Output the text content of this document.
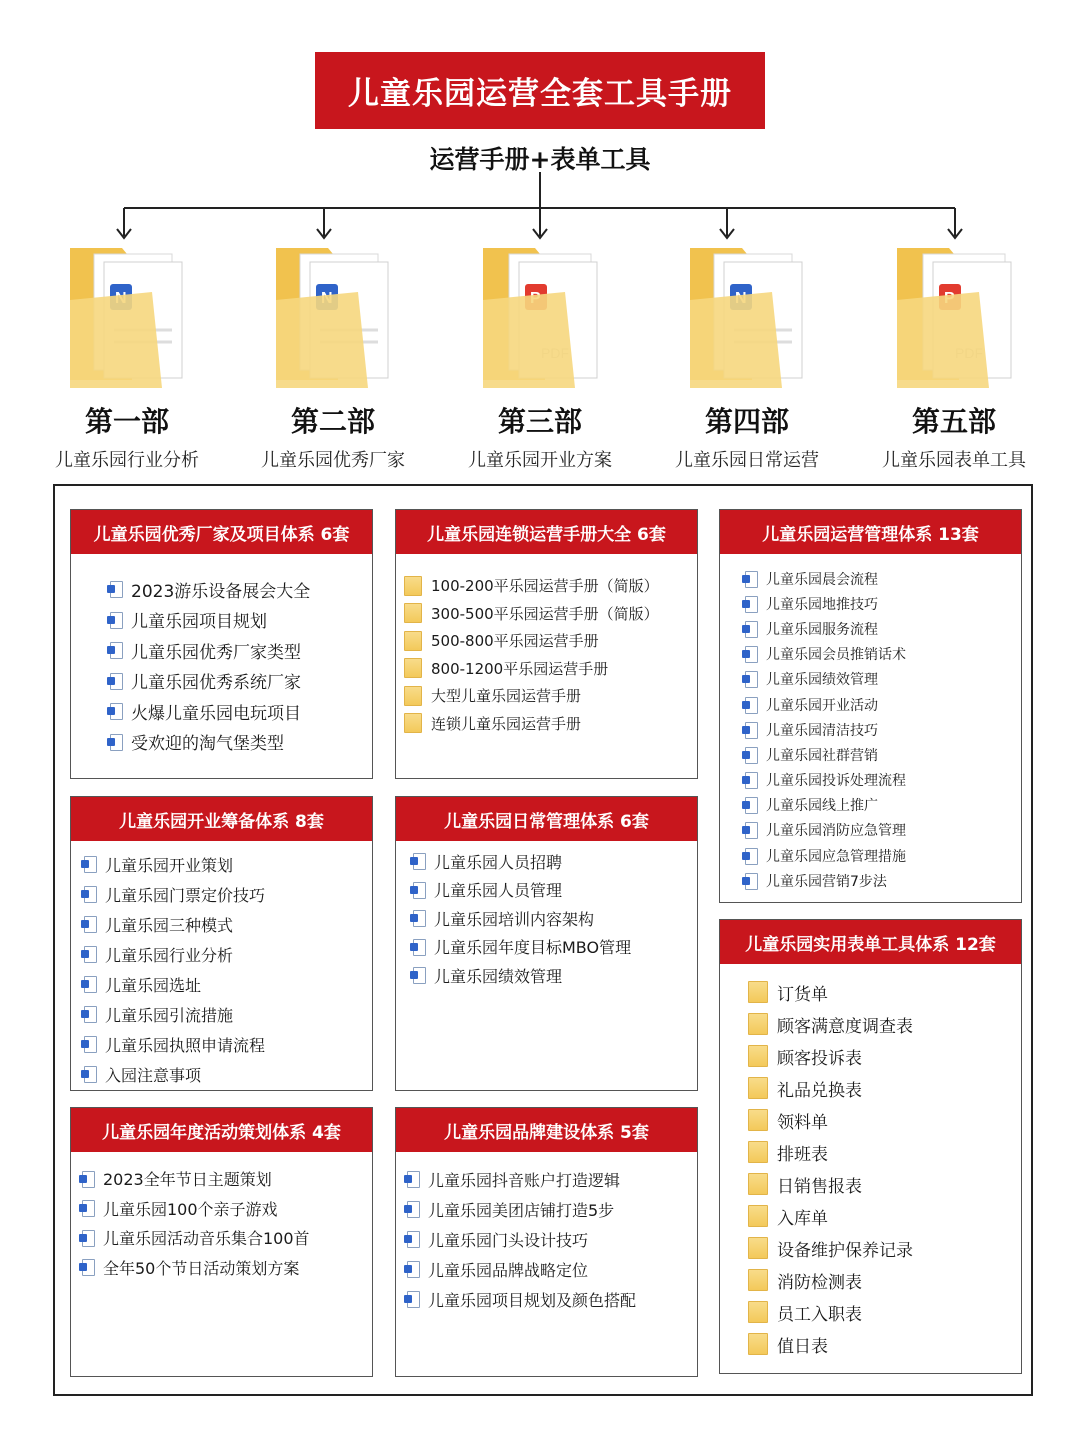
儿童乐园运营全套工具手册
运营手册+表单工具
第一部
儿童乐园行业分析
第二部
儿童乐园优秀厂家
第三部
儿童乐园开业方案
第四部
儿童乐园日常运营
第五部
儿童乐园表单工具
儿童乐园优秀厂家及项目体系 6套
2023游乐设备展会大全
儿童乐园项目规划
儿童乐园优秀厂家类型
儿童乐园优秀系统厂家
火爆儿童乐园电玩项目
受欢迎的淘气堡类型
儿童乐园连锁运营手册大全 6套
100-200平乐园运营手册（简版）
300-500平乐园运营手册（简版）
500-800平乐园运营手册
800-1200平乐园运营手册
大型儿童乐园运营手册
连锁儿童乐园运营手册
儿童乐园运营管理体系 13套
儿童乐园晨会流程
儿童乐园地推技巧
儿童乐园服务流程
儿童乐园会员推销话术
儿童乐园绩效管理
儿童乐园开业活动
儿童乐园清洁技巧
儿童乐园社群营销
儿童乐园投诉处理流程
儿童乐园线上推广
儿童乐园消防应急管理
儿童乐园应急管理措施
儿童乐园营销7步法
儿童乐园开业筹备体系 8套
儿童乐园开业策划
儿童乐园门票定价技巧
儿童乐园三种模式
儿童乐园行业分析
儿童乐园选址
儿童乐园引流措施
儿童乐园执照申请流程
入园注意事项
儿童乐园日常管理体系 6套
儿童乐园人员招聘
儿童乐园人员管理
儿童乐园培训内容架构
儿童乐园年度目标MBO管理
儿童乐园绩效管理
儿童乐园实用表单工具体系 12套
订货单
顾客满意度调查表
顾客投诉表
礼品兑换表
领料单
排班表
日销售报表
入库单
设备维护保养记录
消防检测表
员工入职表
值日表
儿童乐园年度活动策划体系 4套
2023全年节日主题策划
儿童乐园100个亲子游戏
儿童乐园活动音乐集合100首
全年50个节日活动策划方案
儿童乐园品牌建设体系 5套
儿童乐园抖音账户打造逻辑
儿童乐园美团店铺打造5步
儿童乐园门头设计技巧
儿童乐园品牌战略定位
儿童乐园项目规划及颜色搭配
